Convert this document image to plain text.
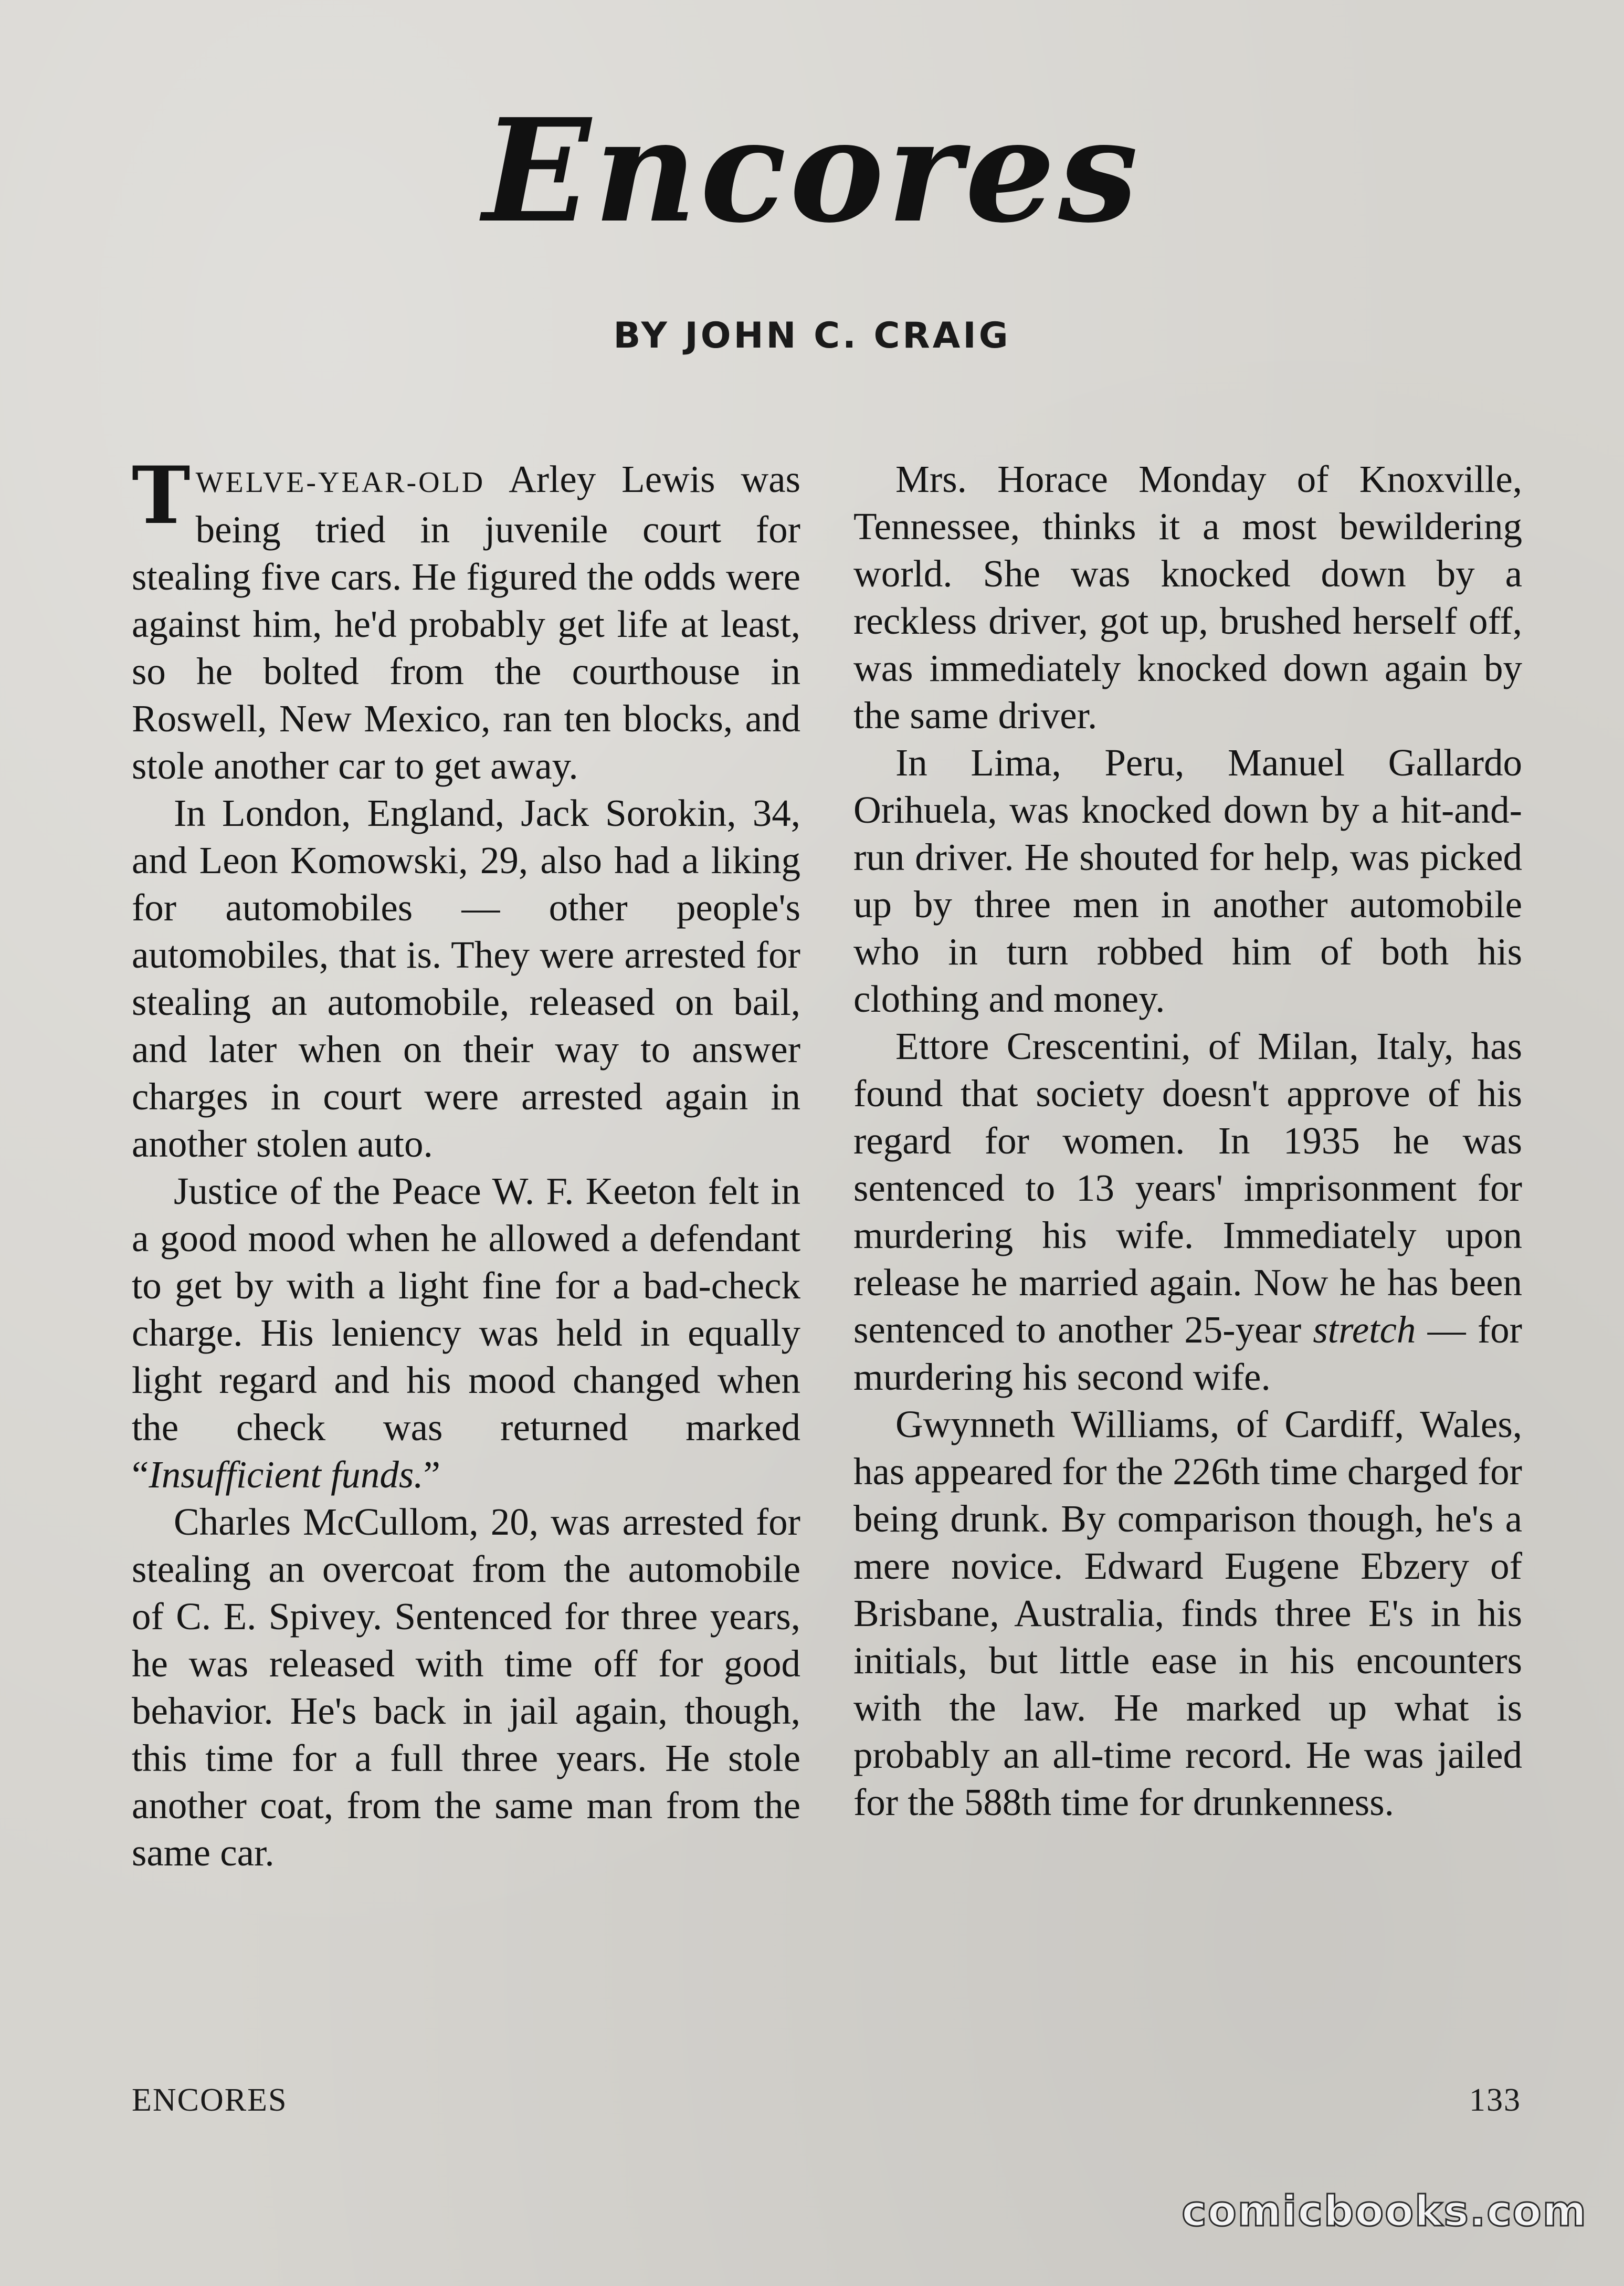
Encores
BY JOHN C. CRAIG

TWELVE-YEAR-OLD Arley Lewis was being tried in juvenile court for stealing five cars. He figured the odds were against him, he'd probably get life at least, so he bolted from the courthouse in Roswell, New Mexico, ran ten blocks, and stole another car to get away.

In London, England, Jack Sorokin, 34, and Leon Komowski, 29, also had a liking for automobiles — other people's automobiles, that is. They were arrested for stealing an automobile, released on bail, and later when on their way to answer charges in court were arrested again in another stolen auto.

Justice of the Peace W. F. Keeton felt in a good mood when he allowed a defendant to get by with a light fine for a bad-check charge. His leniency was held in equally light regard and his mood changed when the check was returned marked “Insufficient funds.”

Charles McCullom, 20, was arrested for stealing an overcoat from the automobile of C. E. Spivey. Sentenced for three years, he was released with time off for good behavior. He's back in jail again, though, this time for a full three years. He stole another coat, from the same man from the same car.

Mrs. Horace Monday of Knoxville, Tennessee, thinks it a most bewildering world. She was knocked down by a reckless driver, got up, brushed herself off, was immediately knocked down again by the same driver.

In Lima, Peru, Manuel Gallardo Orihuela, was knocked down by a hit-and-run driver. He shouted for help, was picked up by three men in another automobile who in turn robbed him of both his clothing and money.

Ettore Crescentini, of Milan, Italy, has found that society doesn't approve of his regard for women. In 1935 he was sentenced to 13 years' imprisonment for murdering his wife. Immediately upon release he married again. Now he has been sentenced to another 25-year stretch — for murdering his second wife.

Gwynneth Williams, of Cardiff, Wales, has appeared for the 226th time charged for being drunk. By comparison though, he's a mere novice. Edward Eugene Ebzery of Brisbane, Australia, finds three E's in his initials, but little ease in his encounters with the law. He marked up what is probably an all-time record. He was jailed for the 588th time for drunkenness.

ENCORES	133
comicbooks.com
